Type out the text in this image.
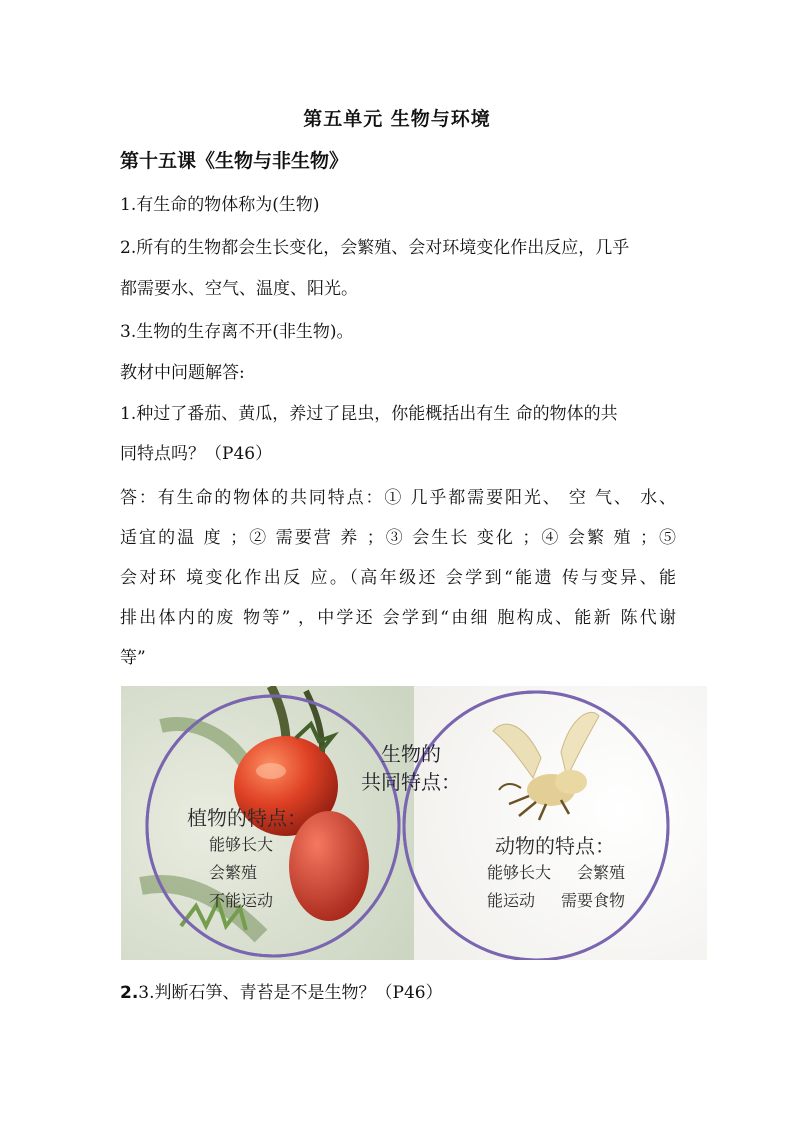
第五单元 生物与环境
第十五课《生物与非生物》
1.有生命的物体称为(生物)
2.所有的生物都会生长变化，会繁殖、会对环境变化作出反应，几乎
都需要水、空气、温度、阳光。
3.生物的生存离不开(非生物)。
教材中问题解答:
1.种过了番茄、黄瓜，养过了昆虫，你能概括出有生 命的物体的共
同特点吗？（P46）
答：有生命的物体的共同特点：① 几乎都需要阳光、 空 气、 水、
适宜的温 度 ；② 需要营 养 ；③ 会生长 变化 ；④ 会繁 殖 ；⑤
会对环 境变化作出反 应。（高年级还 会学到“能遗 传与变异、能
排出体内的废 物等” ，中学还 会学到“由细 胞构成、能新 陈代谢
等”
生物的
共同特点：
植物的特点：
能够长大
会繁殖
不能运动
动物的特点：
能够长大 会繁殖
能运动 需要食物
2.3.判断石笋、青苔是不是生物？（P46）
